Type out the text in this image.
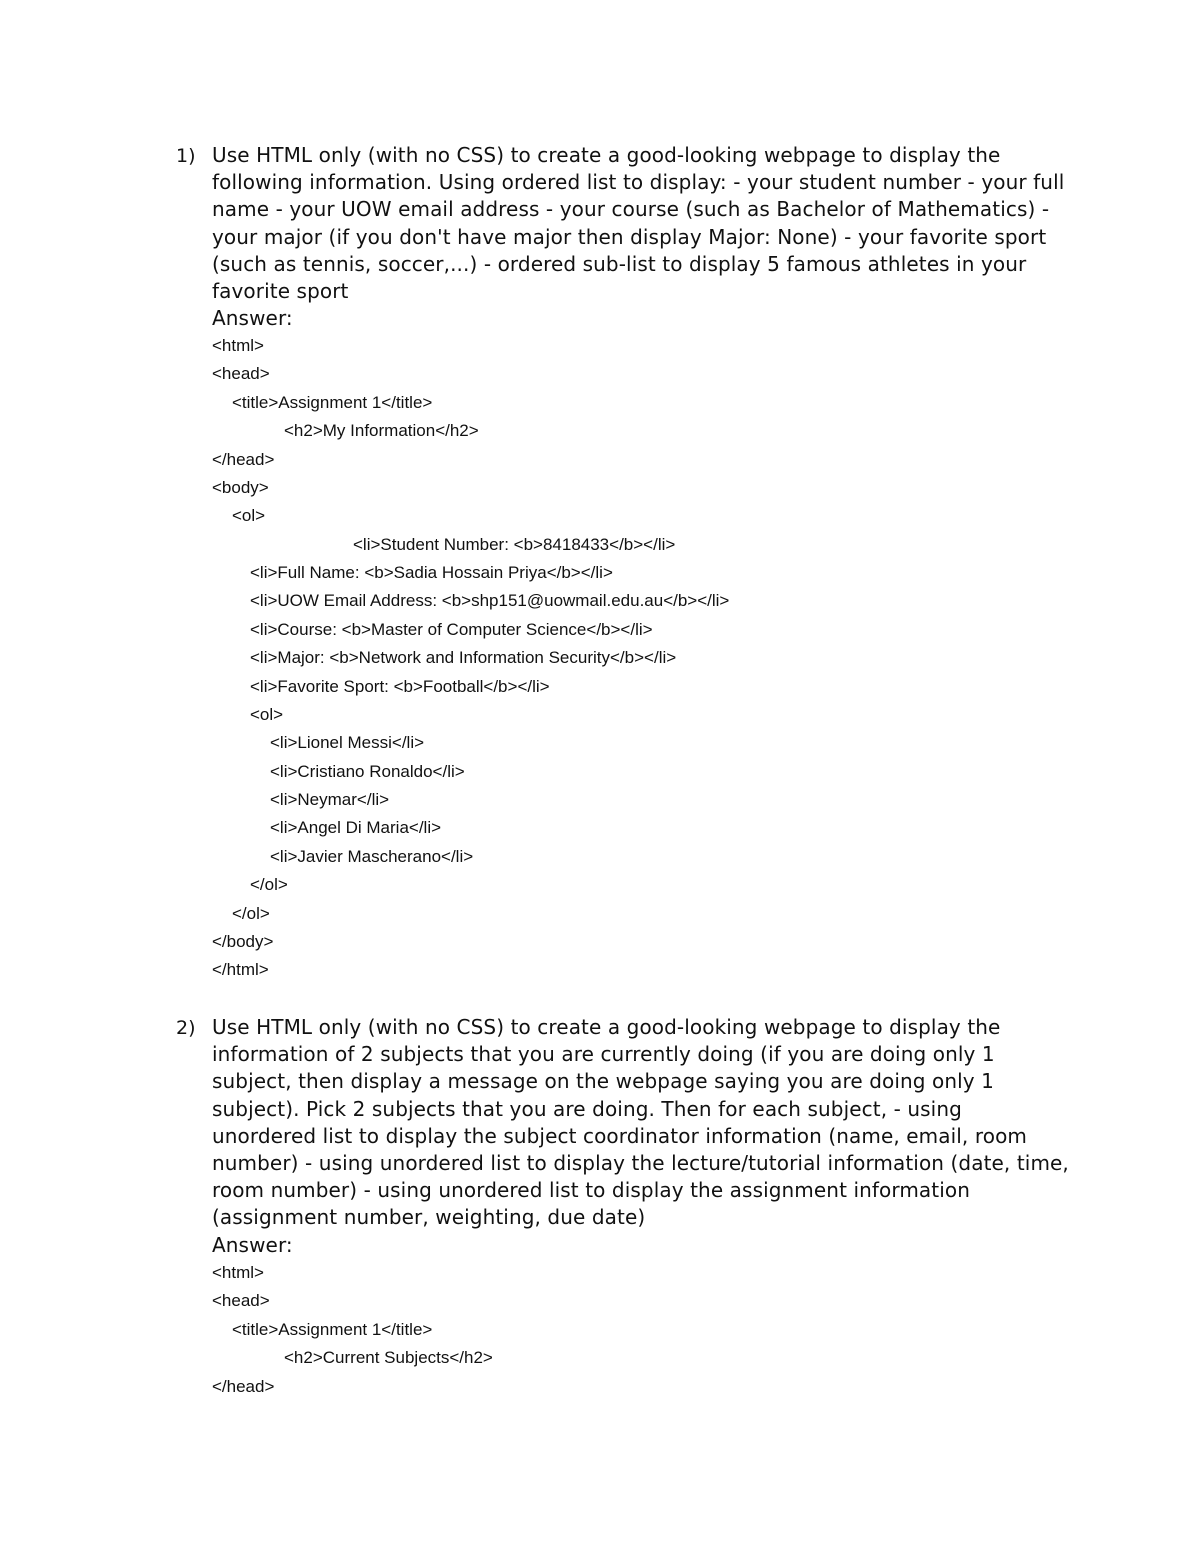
1) Use HTML only (with no CSS) to create a good-looking webpage to display the following information. Using ordered list to display: - your student number - your full name - your UOW email address - your course (such as Bachelor of Mathematics) - your major (if you don't have major then display Major: None) - your favorite sport (such as tennis, soccer,...) - ordered sub-list to display 5 famous athletes in your favorite sport
Answer:
<html>
<head>
<title>Assignment 1</title>
<h2>My Information</h2>
</head>
<body>
<ol>
<li>Student Number: <b>8418433</b></li>
<li>Full Name: <b>Sadia Hossain Priya</b></li>
<li>UOW Email Address: <b>shp151@uowmail.edu.au</b></li>
<li>Course: <b>Master of Computer Science</b></li>
<li>Major: <b>Network and Information Security</b></li>
<li>Favorite Sport: <b>Football</b></li>
<ol>
<li>Lionel Messi</li>
<li>Cristiano Ronaldo</li>
<li>Neymar</li>
<li>Angel Di Maria</li>
<li>Javier Mascherano</li>
</ol>
</ol>
</body>
</html>
2) Use HTML only (with no CSS) to create a good-looking webpage to display the information of 2 subjects that you are currently doing (if you are doing only 1 subject, then display a message on the webpage saying you are doing only 1 subject). Pick 2 subjects that you are doing. Then for each subject, - using unordered list to display the subject coordinator information (name, email, room number) - using unordered list to display the lecture/tutorial information (date, time, room number) - using unordered list to display the assignment information (assignment number, weighting, due date)
Answer:
<html>
<head>
<title>Assignment 1</title>
<h2>Current Subjects</h2>
</head>
